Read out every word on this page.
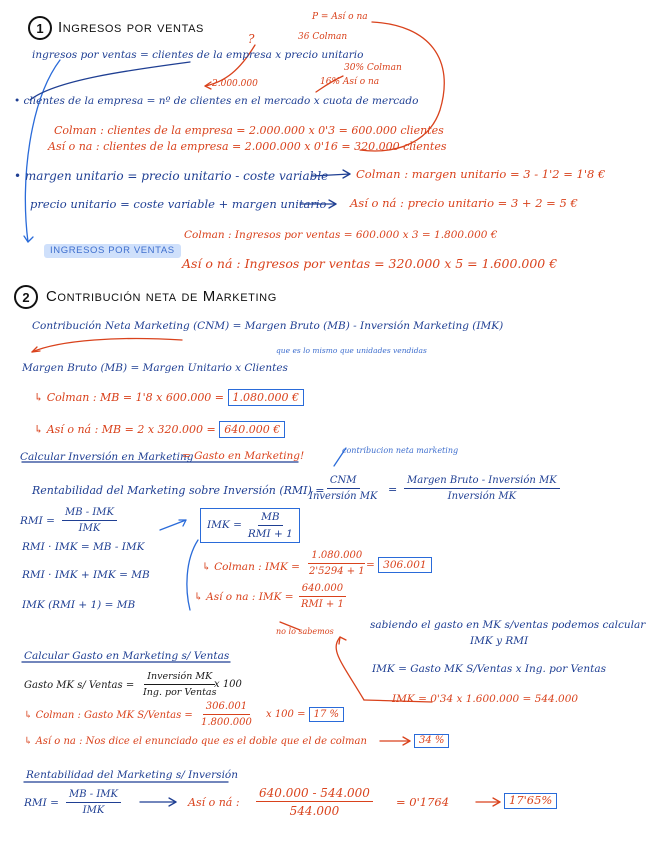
1 Ingresos por ventas
P = Así o na
36 Colman
?
ingresos por ventas = clientes de la empresa x precio unitario
30% Colman
16% Así o na
2.000.000
• clientes de la empresa = nº de clientes en el mercado x cuota de mercado
Colman : clientes de la empresa = 2.000.000 x 0'3 = 600.000 clientes
Así o na : clientes de la empresa = 2.000.000 x 0'16 = 320.000 clientes
• margen unitario = precio unitario - coste variable Colman : margen unitario = 3 - 1'2 = 1'8 €
precio unitario = coste variable + margen unitario Así o ná : precio unitario = 3 + 2 = 5 €
INGRESOS POR VENTAS
Colman : Ingresos por ventas = 600.000 x 3 = 1.800.000 €
Así o ná : Ingresos por ventas = 320.000 x 5 = 1.600.000 €
2	Contribución neta de Marketing
Contribución Neta Marketing (CNM) = Margen Bruto (MB) - Inversión Marketing (IMK)
que es lo mismo que unidades vendidas
Margen Bruto (MB) = Margen Unitario x Clientes
↳ Colman : MB = 1'8 x 600.000 = 1.080.000 €
↳ Así o ná : MB = 2 x 320.000 = 640.000 €
Calcular Inversión en Marketing
= Gasto en Marketing!	contribucion neta marketing
Rentabilidad del Marketing sobre Inversión (RMI) =
CNM
Inversión MK
=
Margen Bruto - Inversión MK
Inversión MK
RMI =
MB - IMK
IMK
RMI · IMK = MB - IMK
RMI · IMK + IMK = MB
IMK (RMI + 1) = MB
IMK =
MB
RMI + 1
↳ Colman : IMK = $\frac{1.080.000}{2'5294 + 1}$
= 306.001
↳ Así o na : IMK =
640.000
RMI + 1
no lo sabemos
sabiendo el gasto en MK s/ventas podemos calcular
IMK y RMI
IMK = Gasto MK S/Ventas x Ing. por Ventas
IMK = 0'34 x 1.600.000 = 544.000
Calcular Gasto en Marketing s/ Ventas
Gasto MK s/ Ventas =
Inversión MK
Ing. por Ventas
x 100
↳ Colman : Gasto MK S/Ventas = $\frac{306.001}{1.800.000}$ x 100 = 17 %
↳ Así o na : Nos dice el enunciado que es el doble que el de colman	34 %
Rentabilidad del Marketing s/ Inversión
RMI =
MB - IMK
IMK
Así o ná : $\frac{640.000 - 544.000}{544.000} = 0'1764$	17'65%
